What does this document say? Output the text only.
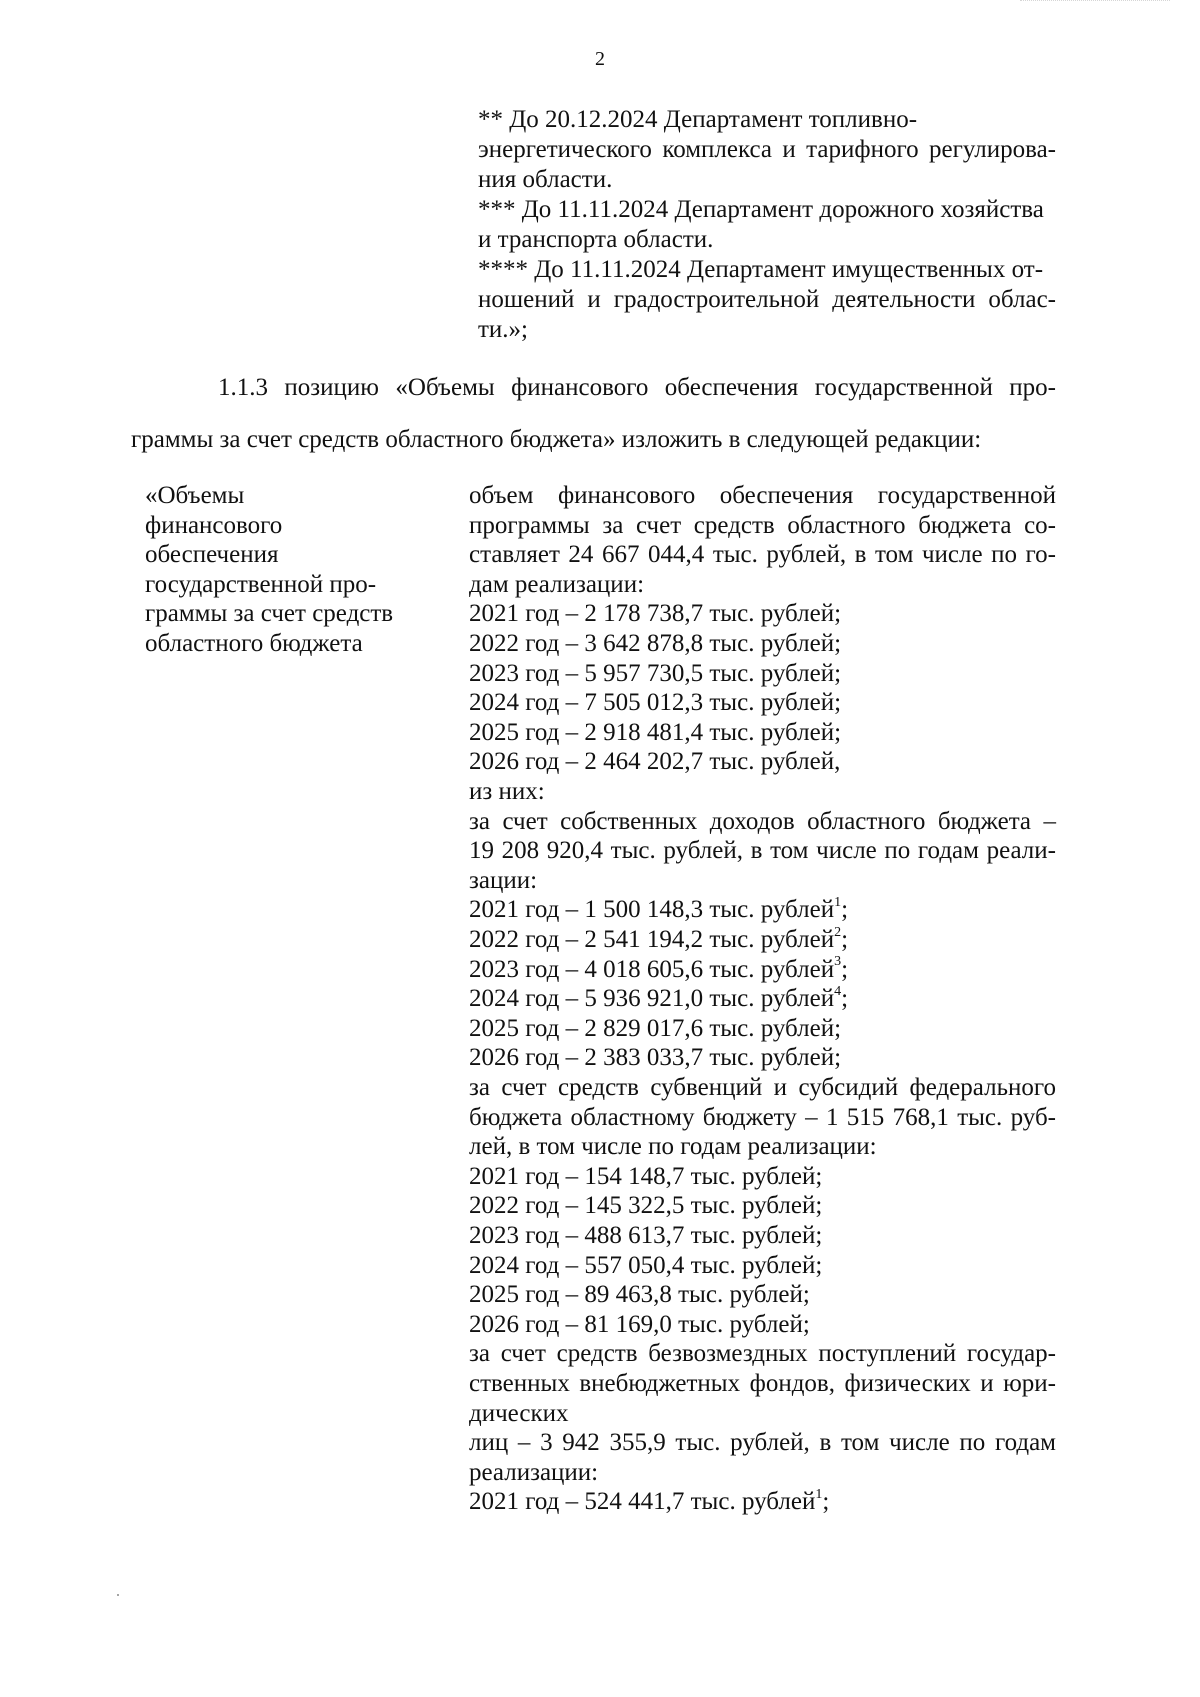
2
** До 20.12.2024 Департамент топливно-
энергетического комплекса и тарифного регулирова-
ния области.
*** До 11.11.2024 Департамент дорожного хозяйства
и транспорта области.
**** До 11.11.2024 Департамент имущественных от-
ношений и градостроительной деятельности облас-
ти.»;
1.1.3 позицию «Объемы финансового обеспечения государственной про-
граммы за счет средств областного бюджета» изложить в следующей редакции:
«Объемы
финансового
обеспечения
государственной про-
граммы за счет средств
областного бюджета
объем финансового обеспечения государственной
программы за счет средств областного бюджета со-
ставляет 24 667 044,4 тыс. рублей, в том числе по го-
дам реализации:
2021 год – 2 178 738,7 тыс. рублей;
2022 год – 3 642 878,8 тыс. рублей;
2023 год – 5 957 730,5 тыс. рублей;
2024 год – 7 505 012,3 тыс. рублей;
2025 год – 2 918 481,4 тыс. рублей;
2026 год – 2 464 202,7 тыс. рублей,
из них:
за счет собственных доходов областного бюджета –
19 208 920,4 тыс. рублей, в том числе по годам реали-
зации:
2021 год – 1 500 148,3 тыс. рублей$^1$;
2022 год – 2 541 194,2 тыс. рублей$^2$;
2023 год – 4 018 605,6 тыс. рублей$^3$;
2024 год – 5 936 921,0 тыс. рублей$^4$;
2025 год – 2 829 017,6 тыс. рублей;
2026 год – 2 383 033,7 тыс. рублей;
за счет средств субвенций и субсидий федерального
бюджета областному бюджету – 1 515 768,1 тыс. руб-
лей, в том числе по годам реализации:
2021 год – 154 148,7 тыс. рублей;
2022 год – 145 322,5 тыс. рублей;
2023 год – 488 613,7 тыс. рублей;
2024 год – 557 050,4 тыс. рублей;
2025 год – 89 463,8 тыс. рублей;
2026 год – 81 169,0 тыс. рублей;
за счет средств безвозмездных поступлений государ-
ственных внебюджетных фондов, физических и юри-
дических
лиц – 3 942 355,9 тыс. рублей, в том числе по годам
реализации:
2021 год – 524 441,7 тыс. рублей$^1$;
